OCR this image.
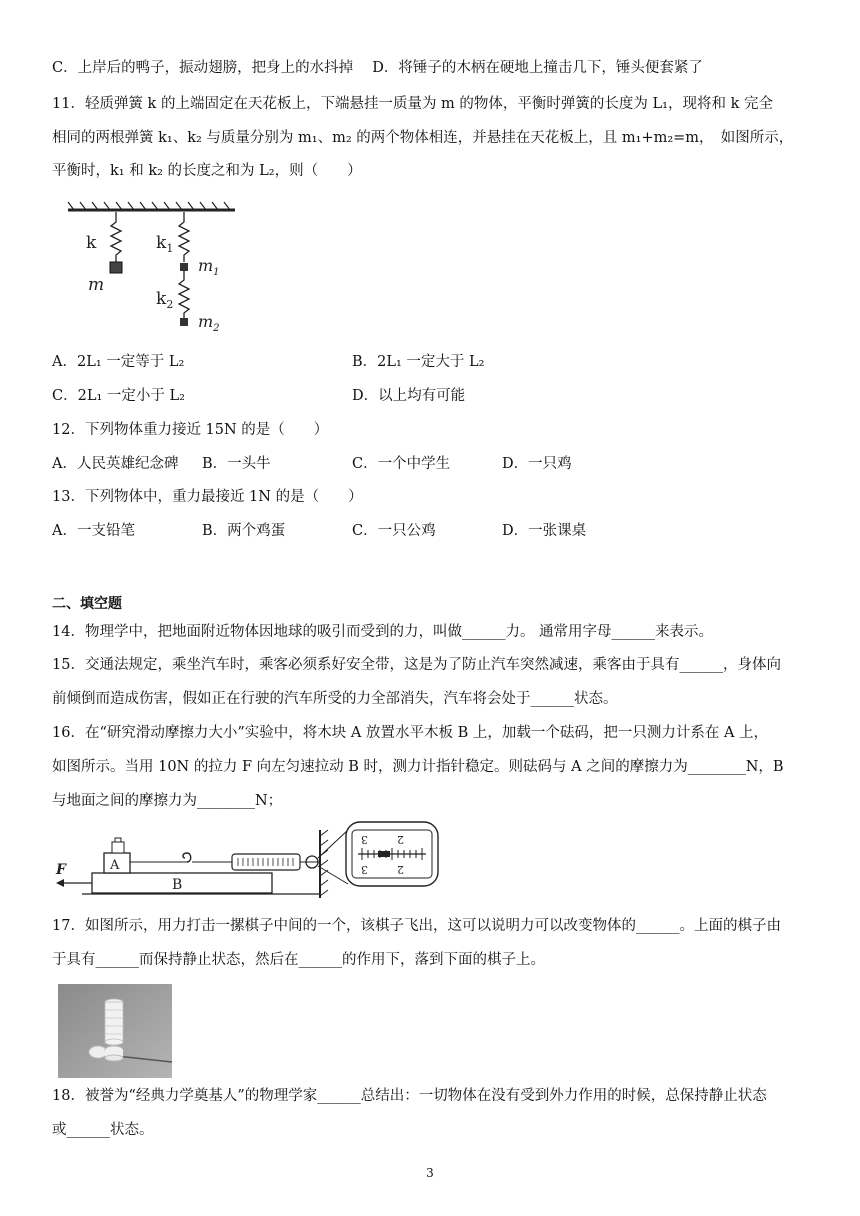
C．上岸后的鸭子，振动翅膀，把身上的水抖掉　 D．将锤子的木柄在硬地上撞击几下，锤头便套紧了
11．轻质弹簧 k 的上端固定在天花板上，下端悬挂一质量为 m 的物体，平衡时弹簧的长度为 L₁，现将和 k 完全
相同的两根弹簧 k₁、k₂ 与质量分别为 m₁、m₂ 的两个物体相连，并悬挂在天花板上，且 m₁+m₂=m，　如图所示，
平衡时，k₁ 和 k₂ 的长度之和为 L₂，则（　　）
k
m
$k_1$
$m_1$
$k_2$
$m_2$
A．2L₁ 一定等于 L₂	B．2L₁ 一定大于 L₂
C．2L₁ 一定小于 L₂	D．以上均有可能
12．下列物体重力接近 15N 的是（　　）
A．人民英雄纪念碑 B．一头牛	C．一个中学生	D．一只鸡
13．下列物体中，重力最接近 1N 的是（　　）
A．一支铅笔	B．两个鸡蛋	C．一只公鸡	D．一张课桌
二、填空题
14．物理学中，把地面附近物体因地球的吸引而受到的力，叫做______力。 通常用字母______来表示。
15．交通法规定，乘坐汽车时，乘客必须系好安全带，这是为了防止汽车突然减速，乘客由于具有______，身体向
前倾倒而造成伤害，假如正在行驶的汽车所受的力全部消失，汽车将会处于______状态。
16．在“研究滑动摩擦力大小”实验中，将木块 A 放置水平木板 B 上，加载一个砝码，把一只测力计系在 A 上，
如图所示。当用 10N 的拉力 F 向左匀速拉动 B 时，测力计指针稳定。则砝码与 A 之间的摩擦力为________N，B
与地面之间的摩擦力为________N；
B
F	A
3	2
3	2
17．如图所示，用力打击一摞棋子中间的一个，该棋子飞出，这可以说明力可以改变物体的______。上面的棋子由
于具有______而保持静止状态，然后在______的作用下，落到下面的棋子上。
18．被誉为“经典力学奠基人”的物理学家______总结出：一切物体在没有受到外力作用的时候，总保持静止状态
或______状态。
3
